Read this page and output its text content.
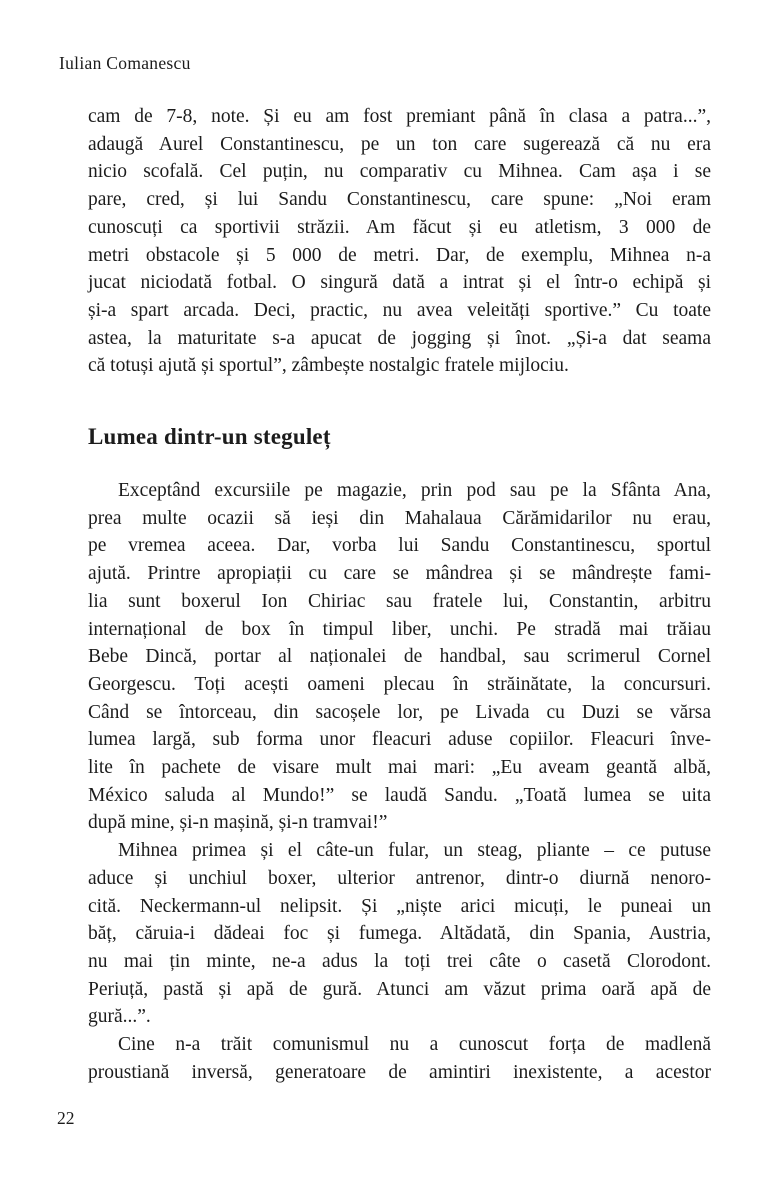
Iulian Comanescu
cam de 7-8, note. Și eu am fost premiant până în clasa a patra...”,
adaugă Aurel Constantinescu, pe un ton care sugerează că nu era
nicio scofală. Cel puțin, nu comparativ cu Mihnea. Cam așa i se
pare, cred, și lui Sandu Constantinescu, care spune: „Noi eram
cunoscuți ca sportivii străzii. Am făcut și eu atletism, 3 000 de
metri obstacole și 5 000 de metri. Dar, de exemplu, Mihnea n-a
jucat niciodată fotbal. O singură dată a intrat și el într-o echipă și
și-a spart arcada. Deci, practic, nu avea veleități sportive.” Cu toate
astea, la maturitate s-a apucat de jogging și înot. „Și-a dat seama
că totuși ajută și sportul”, zâmbește nostalgic fratele mijlociu.
Lumea dintr-un steguleț
Exceptând excursiile pe magazie, prin pod sau pe la Sfânta Ana,
prea multe ocazii să ieși din Mahalaua Cărămidarilor nu erau,
pe vremea aceea. Dar, vorba lui Sandu Constantinescu, sportul
ajută. Printre apropiații cu care se mândrea și se mândrește fami-
lia sunt boxerul Ion Chiriac sau fratele lui, Constantin, arbitru
internațional de box în timpul liber, unchi. Pe stradă mai trăiau
Bebe Dincă, portar al naționalei de handbal, sau scrimerul Cornel
Georgescu. Toți acești oameni plecau în străinătate, la concursuri.
Când se întorceau, din sacoșele lor, pe Livada cu Duzi se vărsa
lumea largă, sub forma unor fleacuri aduse copiilor. Fleacuri înve-
lite în pachete de visare mult mai mari: „Eu aveam geantă albă,
México saluda al Mundo!” se laudă Sandu. „Toată lumea se uita
după mine, și-n mașină, și-n tramvai!”
Mihnea primea și el câte-un fular, un steag, pliante – ce putuse
aduce și unchiul boxer, ulterior antrenor, dintr-o diurnă nenoro-
cită. Neckermann-ul nelipsit. Și „niște arici micuți, le puneai un
băț, căruia-i dădeai foc și fumega. Altădată, din Spania, Austria,
nu mai țin minte, ne-a adus la toți trei câte o casetă Clorodont.
Periuță, pastă și apă de gură. Atunci am văzut prima oară apă de
gură...”.
Cine n-a trăit comunismul nu a cunoscut forța de madlenă
proustiană inversă, generatoare de amintiri inexistente, a acestor
22
